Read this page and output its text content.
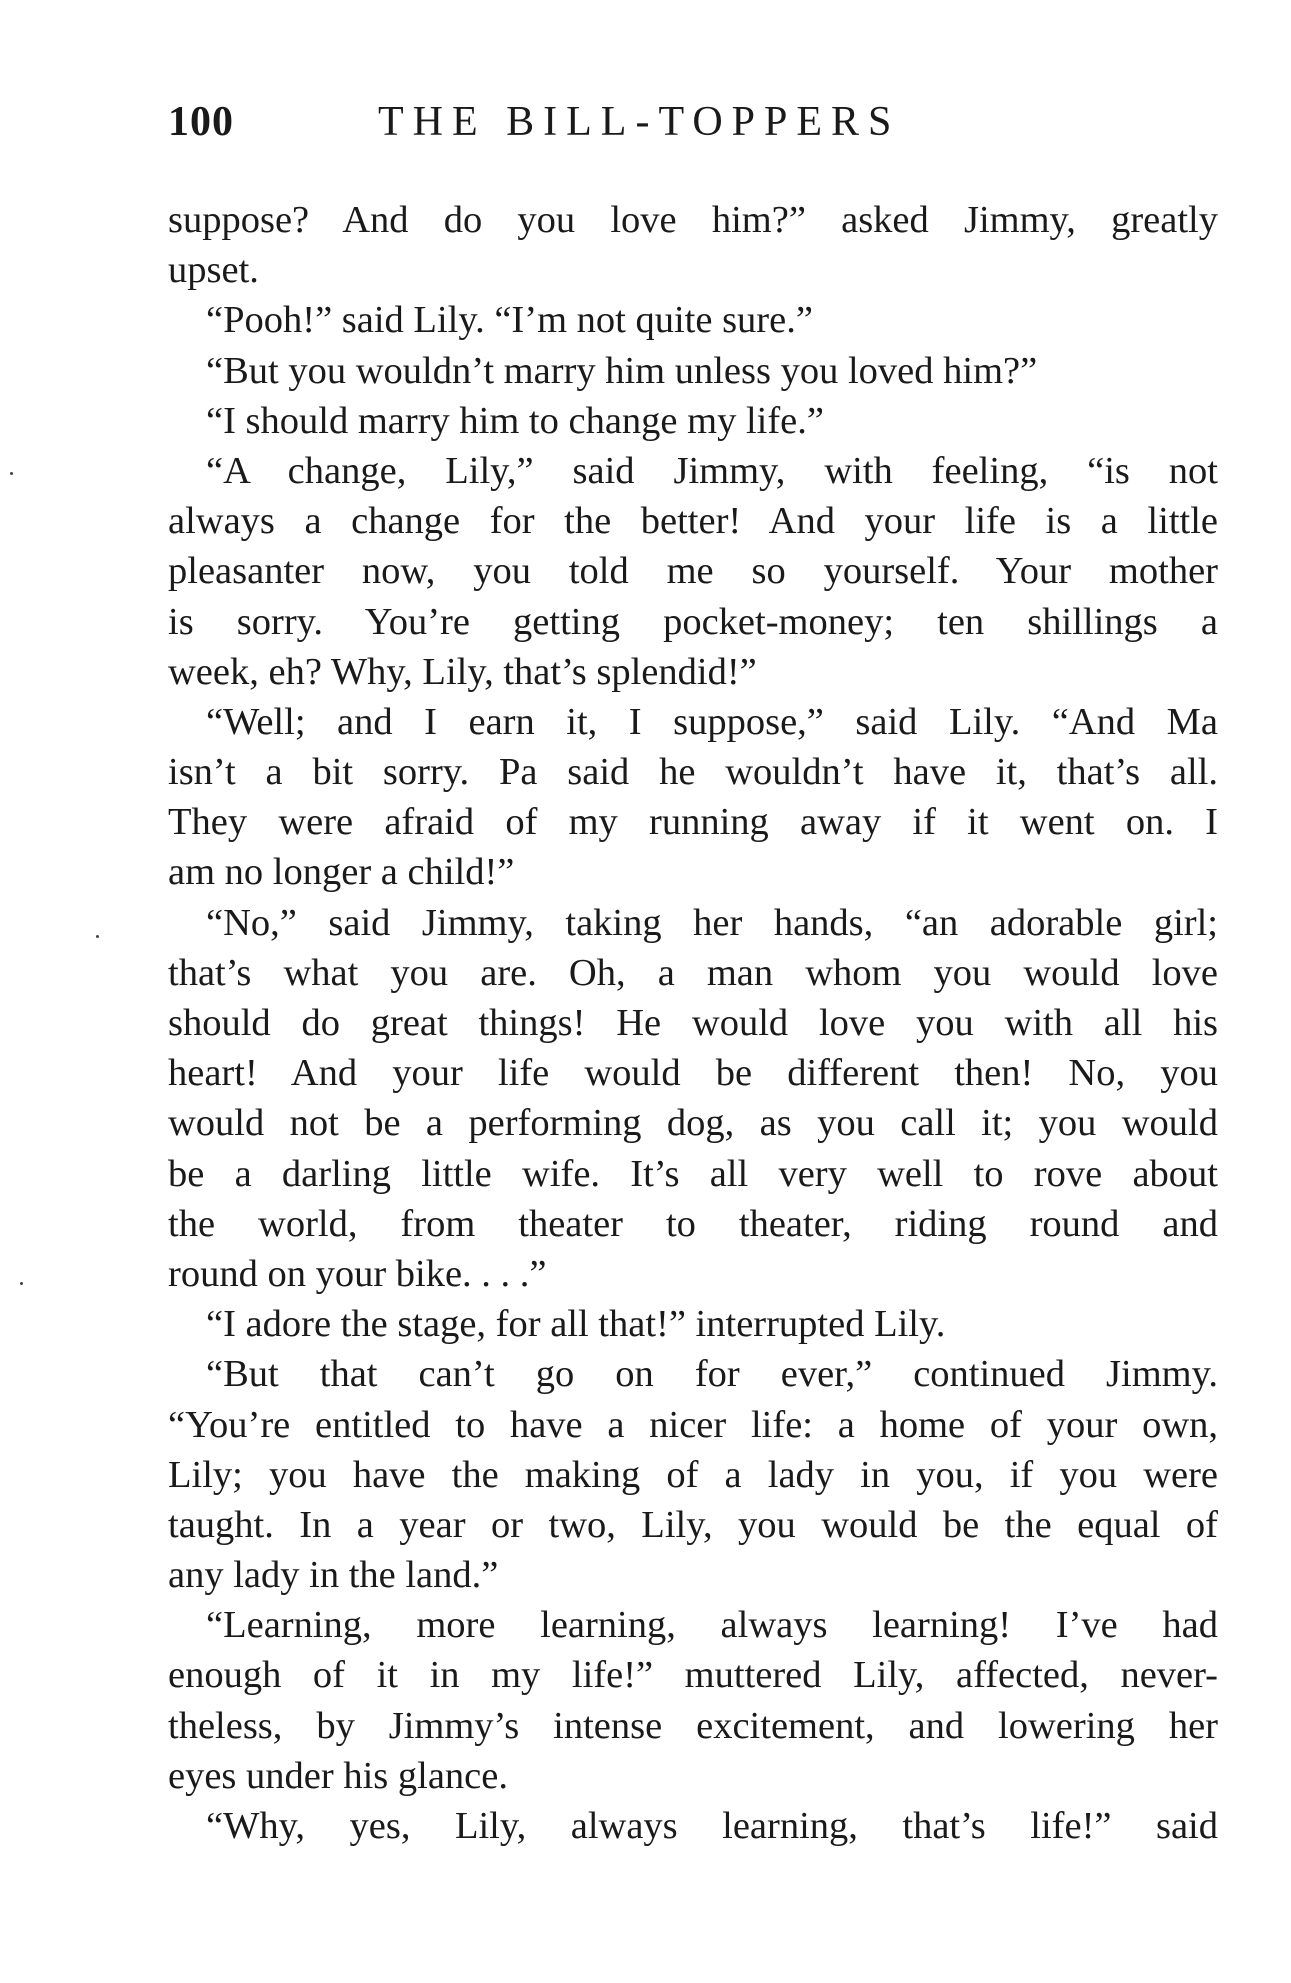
100	THE BILL-TOPPERS
suppose? And do you love him?” asked Jimmy, greatly
upset.
“Pooh!” said Lily. “I’m not quite sure.”
“But you wouldn’t marry him unless you loved him?”
“I should marry him to change my life.”
“A change, Lily,” said Jimmy, with feeling, “is not
always a change for the better! And your life is a little
pleasanter now, you told me so yourself. Your mother
is sorry. You’re getting pocket-money; ten shillings a
week, eh? Why, Lily, that’s splendid!”
“Well; and I earn it, I suppose,” said Lily. “And Ma
isn’t a bit sorry. Pa said he wouldn’t have it, that’s all.
They were afraid of my running away if it went on. I
am no longer a child!”
“No,” said Jimmy, taking her hands, “an adorable girl;
that’s what you are. Oh, a man whom you would love
should do great things! He would love you with all his
heart! And your life would be different then! No, you
would not be a performing dog, as you call it; you would
be a darling little wife. It’s all very well to rove about
the world, from theater to theater, riding round and
round on your bike. . . .”
“I adore the stage, for all that!” interrupted Lily.
“But that can’t go on for ever,” continued Jimmy.
“You’re entitled to have a nicer life: a home of your own,
Lily; you have the making of a lady in you, if you were
taught. In a year or two, Lily, you would be the equal of
any lady in the land.”
“Learning, more learning, always learning! I’ve had
enough of it in my life!” muttered Lily, affected, never-
theless, by Jimmy’s intense excitement, and lowering her
eyes under his glance.
“Why, yes, Lily, always learning, that’s life!” said
